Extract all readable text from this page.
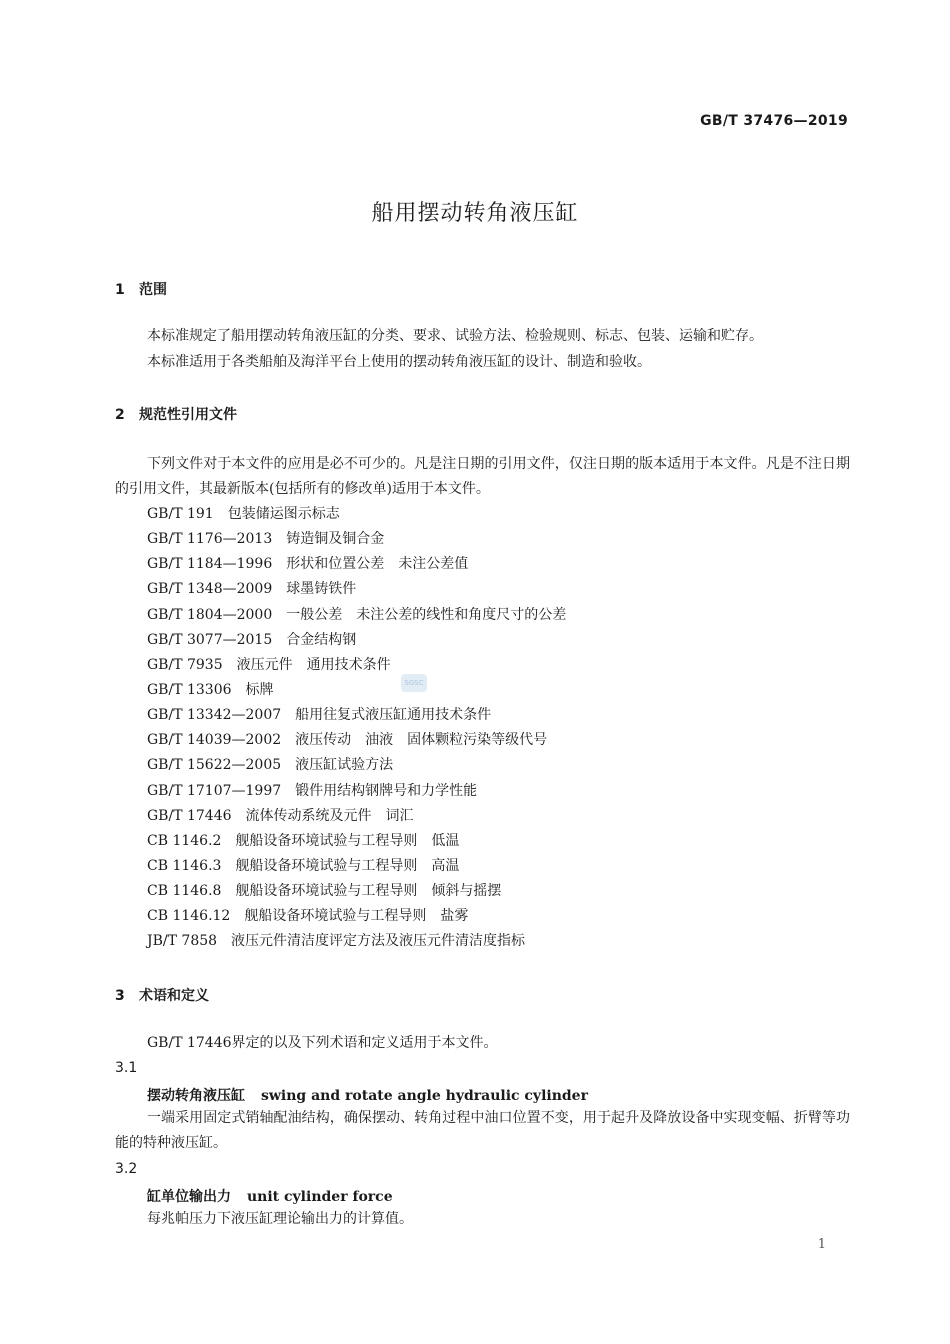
GB/T 37476—2019
船用摆动转角液压缸
1 范围

本标准规定了船用摆动转角液压缸的分类、要求、试验方法、检验规则、标志、包装、运输和贮存。

本标准适用于各类船舶及海洋平台上使用的摆动转角液压缸的设计、制造和验收。

2 规范性引用文件

下列文件对于本文件的应用是必不可少的。凡是注日期的引用文件，仅注日期的版本适用于本文件。凡是不注日期的引用文件，其最新版本(包括所有的修改单)适用于本文件。

GB/T 191 包装储运图示标志
GB/T 1176—2013 铸造铜及铜合金
GB/T 1184—1996 形状和位置公差　未注公差值
GB/T 1348—2009 球墨铸铁件
GB/T 1804—2000 一般公差　未注公差的线性和角度尺寸的公差
GB/T 3077—2015 合金结构钢
GB/T 7935 液压元件　通用技术条件
GB/T 13306 标牌
GB/T 13342—2007 船用往复式液压缸通用技术条件
GB/T 14039—2002 液压传动　油液　固体颗粒污染等级代号
GB/T 15622—2005 液压缸试验方法
GB/T 17107—1997 锻件用结构钢牌号和力学性能
GB/T 17446 流体传动系统及元件　词汇
CB 1146.2 舰船设备环境试验与工程导则　低温
CB 1146.3 舰船设备环境试验与工程导则　高温
CB 1146.8 舰船设备环境试验与工程导则　倾斜与摇摆
CB 1146.12 舰船设备环境试验与工程导则　盐雾
JB/T 7858 液压元件清洁度评定方法及液压元件清洁度指标
SGSC
3 术语和定义

GB/T 17446界定的以及下列术语和定义适用于本文件。

3.1
摆动转角液压缸 swing and rotate angle hydraulic cylinder

一端采用固定式销轴配油结构，确保摆动、转角过程中油口位置不变，用于起升及降放设备中实现变幅、折臂等功能的特种液压缸。

3.2
缸单位输出力 unit cylinder force

每兆帕压力下液压缸理论输出力的计算值。

1
